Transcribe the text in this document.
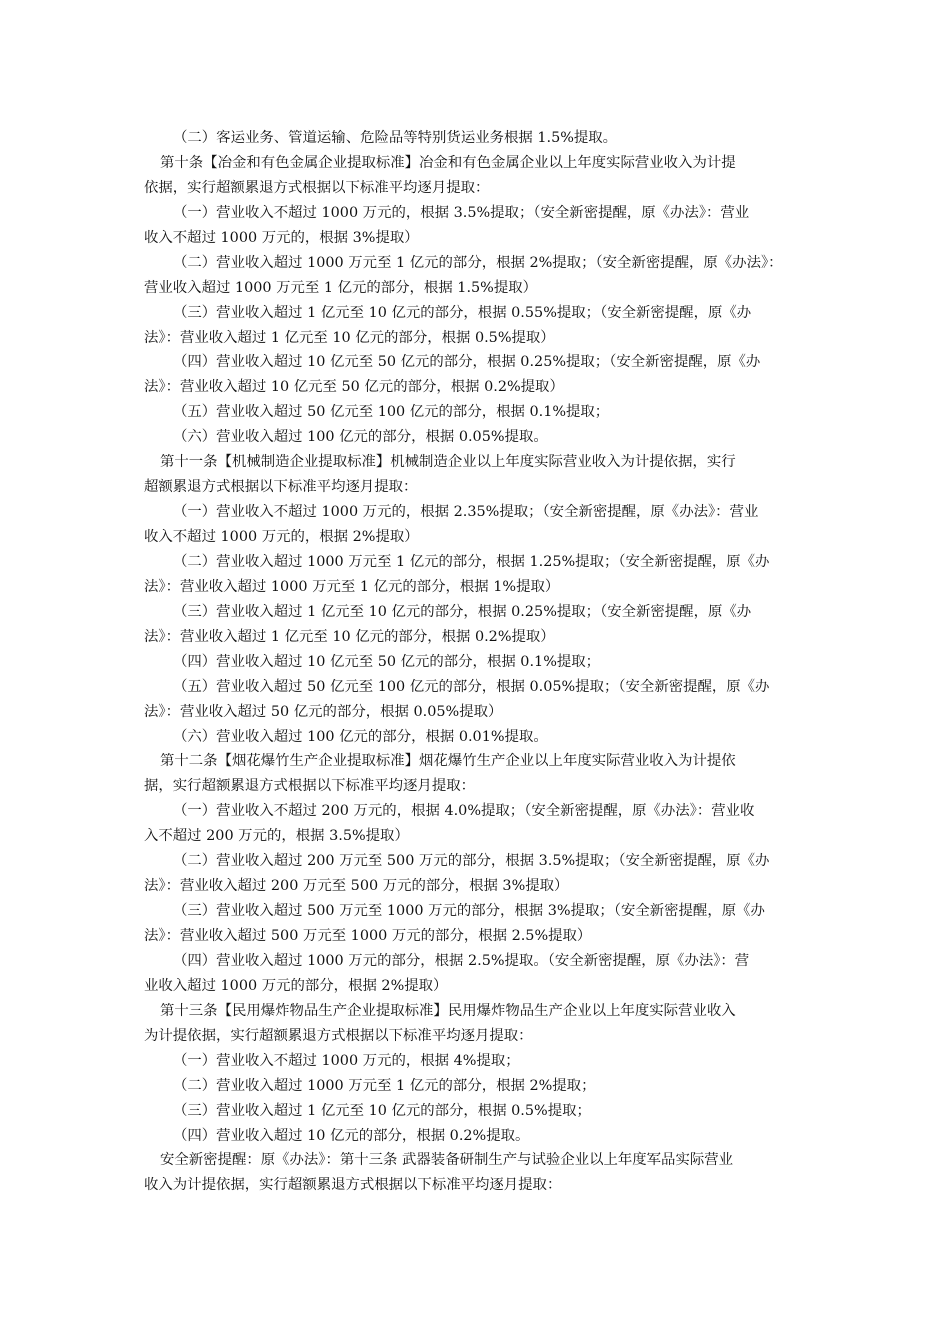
（二）客运业务、管道运输、危险品等特别货运业务根据 1.5%提取。
第十条【冶金和有色金属企业提取标准】冶金和有色金属企业以上年度实际营业收入为计提
依据，实行超额累退方式根据以下标准平均逐月提取：
（一）营业收入不超过 1000 万元的，根据 3.5%提取；（安全新密提醒，原《办法》：营业
收入不超过 1000 万元的，根据 3%提取）
（二）营业收入超过 1000 万元至 1 亿元的部分，根据 2%提取；（安全新密提醒，原《办法》：
营业收入超过 1000 万元至 1 亿元的部分，根据 1.5%提取）
（三）营业收入超过 1 亿元至 10 亿元的部分，根据 0.55%提取；（安全新密提醒，原《办
法》：营业收入超过 1 亿元至 10 亿元的部分，根据 0.5%提取）
（四）营业收入超过 10 亿元至 50 亿元的部分，根据 0.25%提取；（安全新密提醒，原《办
法》：营业收入超过 10 亿元至 50 亿元的部分，根据 0.2%提取）
（五）营业收入超过 50 亿元至 100 亿元的部分，根据 0.1%提取；
（六）营业收入超过 100 亿元的部分，根据 0.05%提取。
第十一条【机械制造企业提取标准】机械制造企业以上年度实际营业收入为计提依据，实行
超额累退方式根据以下标准平均逐月提取：
（一）营业收入不超过 1000 万元的，根据 2.35%提取；（安全新密提醒，原《办法》：营业
收入不超过 1000 万元的，根据 2%提取）
（二）营业收入超过 1000 万元至 1 亿元的部分，根据 1.25%提取；（安全新密提醒，原《办
法》：营业收入超过 1000 万元至 1 亿元的部分，根据 1%提取）
（三）营业收入超过 1 亿元至 10 亿元的部分，根据 0.25%提取；（安全新密提醒，原《办
法》：营业收入超过 1 亿元至 10 亿元的部分，根据 0.2%提取）
（四）营业收入超过 10 亿元至 50 亿元的部分，根据 0.1%提取；
（五）营业收入超过 50 亿元至 100 亿元的部分，根据 0.05%提取；（安全新密提醒，原《办
法》：营业收入超过 50 亿元的部分，根据 0.05%提取）
（六）营业收入超过 100 亿元的部分，根据 0.01%提取。
第十二条【烟花爆竹生产企业提取标准】烟花爆竹生产企业以上年度实际营业收入为计提依
据，实行超额累退方式根据以下标准平均逐月提取：
（一）营业收入不超过 200 万元的，根据 4.0%提取；（安全新密提醒，原《办法》：营业收
入不超过 200 万元的，根据 3.5%提取）
（二）营业收入超过 200 万元至 500 万元的部分，根据 3.5%提取；（安全新密提醒，原《办
法》：营业收入超过 200 万元至 500 万元的部分，根据 3%提取）
（三）营业收入超过 500 万元至 1000 万元的部分，根据 3%提取；（安全新密提醒，原《办
法》：营业收入超过 500 万元至 1000 万元的部分，根据 2.5%提取）
（四）营业收入超过 1000 万元的部分，根据 2.5%提取。（安全新密提醒，原《办法》：营
业收入超过 1000 万元的部分，根据 2%提取）
第十三条【民用爆炸物品生产企业提取标准】民用爆炸物品生产企业以上年度实际营业收入
为计提依据，实行超额累退方式根据以下标准平均逐月提取：
（一）营业收入不超过 1000 万元的，根据 4%提取；
（二）营业收入超过 1000 万元至 1 亿元的部分，根据 2%提取；
（三）营业收入超过 1 亿元至 10 亿元的部分，根据 0.5%提取；
（四）营业收入超过 10 亿元的部分，根据 0.2%提取。
安全新密提醒：原《办法》：第十三条 武器装备研制生产与试验企业以上年度军品实际营业
收入为计提依据，实行超额累退方式根据以下标准平均逐月提取：
